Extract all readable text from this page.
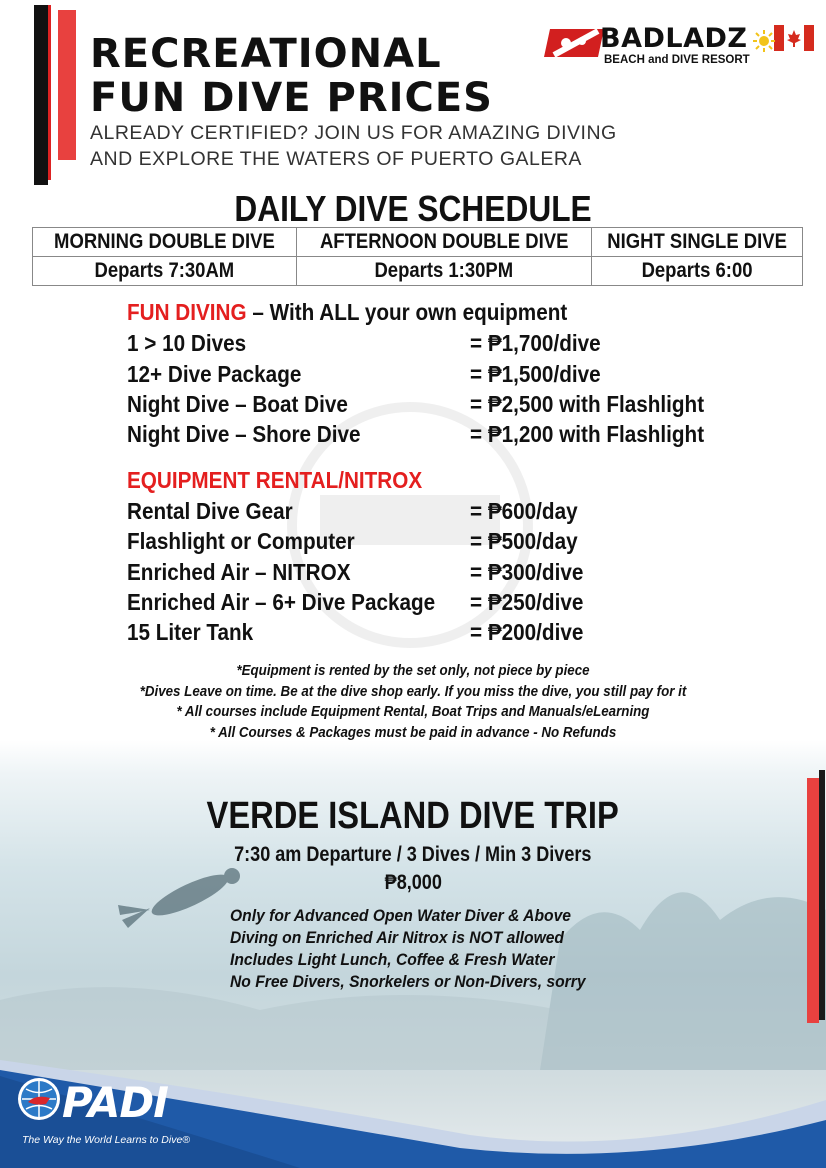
RECREATIONAL
FUN DIVE PRICES
ALREADY CERTIFIED? JOIN US FOR AMAZING DIVING
AND EXPLORE THE WATERS OF PUERTO GALERA
BADLADZ
BEACH and DIVE RESORT
DAILY DIVE SCHEDULE
MORNING DOUBLE DIVE	AFTERNOON DOUBLE DIVE	NIGHT SINGLE DIVE
Departs 7:30AM	Departs 1:30PM	Departs 6:00
FUN DIVING – With ALL your own equipment
1 > 10 Dives	= ₱1,700/dive
12+ Dive Package	= ₱1,500/dive
Night Dive – Boat Dive	= ₱2,500 with Flashlight
Night Dive – Shore Dive	= ₱1,200 with Flashlight
EQUIPMENT RENTAL/NITROX
Rental Dive Gear	= ₱600/day
Flashlight or Computer	= ₱500/day
Enriched Air – NITROX	= ₱300/dive
Enriched Air – 6+ Dive Package = ₱250/dive
15 Liter Tank	= ₱200/dive
*Equipment is rented by the set only, not piece by piece
*Dives Leave on time. Be at the dive shop early. If you miss the dive, you still pay for it
* All courses include Equipment Rental, Boat Trips and Manuals/eLearning
* All Courses & Packages must be paid in advance - No Refunds
VERDE ISLAND DIVE TRIP
7:30 am Departure / 3 Dives / Min 3 Divers
₱8,000
Only for Advanced Open Water Diver & Above
Diving on Enriched Air Nitrox is NOT allowed
Includes Light Lunch, Coffee & Fresh Water
No Free Divers, Snorkelers or Non-Divers, sorry
PADI
The Way the World Learns to Dive®
